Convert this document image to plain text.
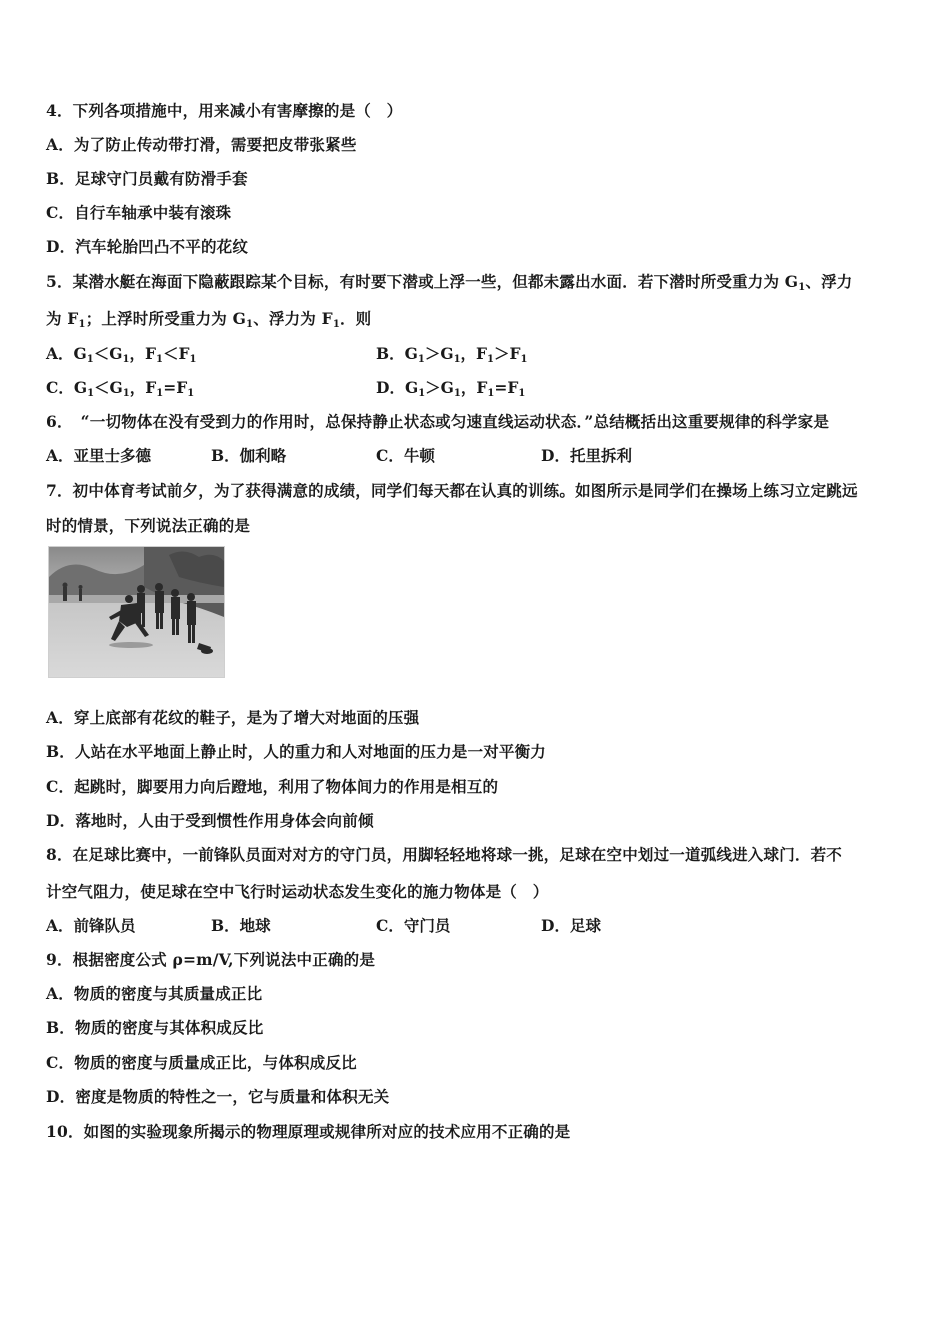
4．下列各项措施中，用来减小有害摩擦的是（　）
A．为了防止传动带打滑，需要把皮带张紧些
B．足球守门员戴有防滑手套
C．自行车轴承中装有滚珠
D．汽车轮胎凹凸不平的花纹
5．某潜水艇在海面下隐蔽跟踪某个目标，有时要下潜或上浮一些，但都未露出水面．若下潜时所受重力为 $G_1$、浮力
为 $F_1$；上浮时所受重力为 $G_1$、浮力为 $F_1$．则
A．$G_1<G_1$，$F_1<F_1$	B．$G_1>G_1$，$F_1>F_1$
C．$G_1<G_1$，$F_1=F_1$	D．$G_1>G_1$，$F_1=F_1$
6．　“一切物体在没有受到力的作用时，总保持静止状态或匀速直线运动状态．”总结概括出这重要规律的科学家是
A．亚里士多德	B．伽利略	C．牛顿	D．托里拆利
7．初中体育考试前夕，为了获得满意的成绩，同学们每天都在认真的训练。如图所示是同学们在操场上练习立定跳远
时的情景，下列说法正确的是
A．穿上底部有花纹的鞋子，是为了增大对地面的压强
B．人站在水平地面上静止时，人的重力和人对地面的压力是一对平衡力
C．起跳时，脚要用力向后蹬地，利用了物体间力的作用是相互的
D．落地时，人由于受到惯性作用身体会向前倾
8．在足球比赛中，一前锋队员面对对方的守门员，用脚轻轻地将球一挑，足球在空中划过一道弧线进入球门．若不
计空气阻力，使足球在空中飞行时运动状态发生变化的施力物体是（　）
A．前锋队员	B．地球	C．守门员	D．足球
9．根据密度公式 ρ=m/V,下列说法中正确的是
A．物质的密度与其质量成正比
B．物质的密度与其体积成反比
C．物质的密度与质量成正比，与体积成反比
D．密度是物质的特性之一，它与质量和体积无关
10．如图的实验现象所揭示的物理原理或规律所对应的技术应用不正确的是
